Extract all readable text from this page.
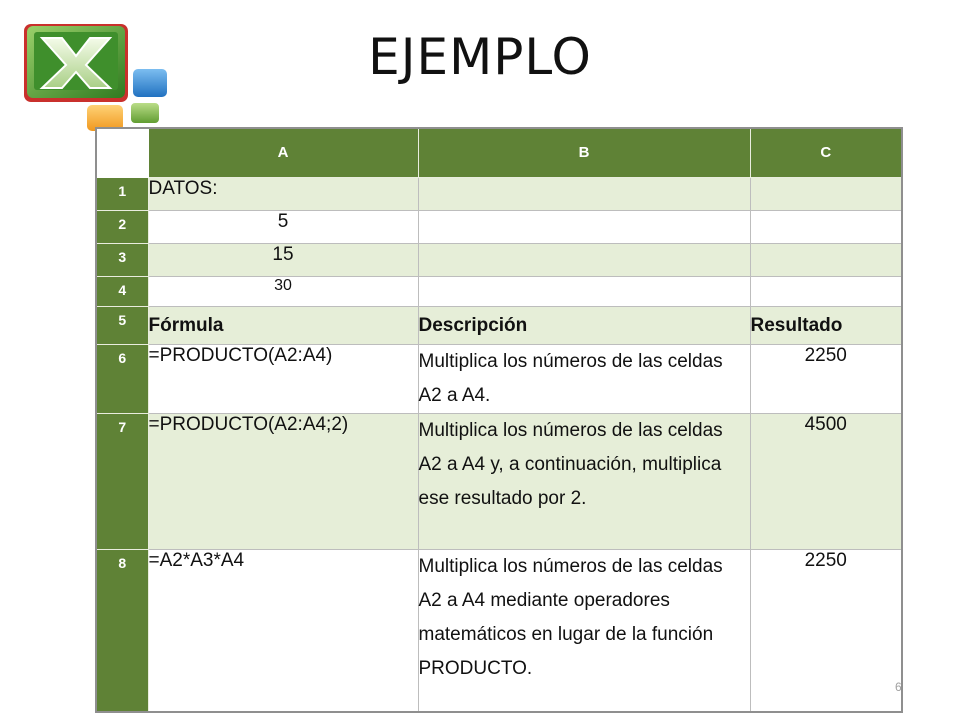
EJEMPLO
	A	B	C
1	DATOS:		
2	5		
3	15		
4	30		
5	Fórmula	Descripción	Resultado
6	=PRODUCTO(A2:A4)	Multiplica los números de las celdas A2 a A4.	2250
7	=PRODUCTO(A2:A4;2)	Multiplica los números de las celdas A2 a A4 y, a continuación, multiplica ese resultado por 2.	4500
8	=A2*A3*A4	Multiplica los números de las celdas A2 a A4 mediante operadores matemáticos en lugar de la función PRODUCTO.	2250
6
